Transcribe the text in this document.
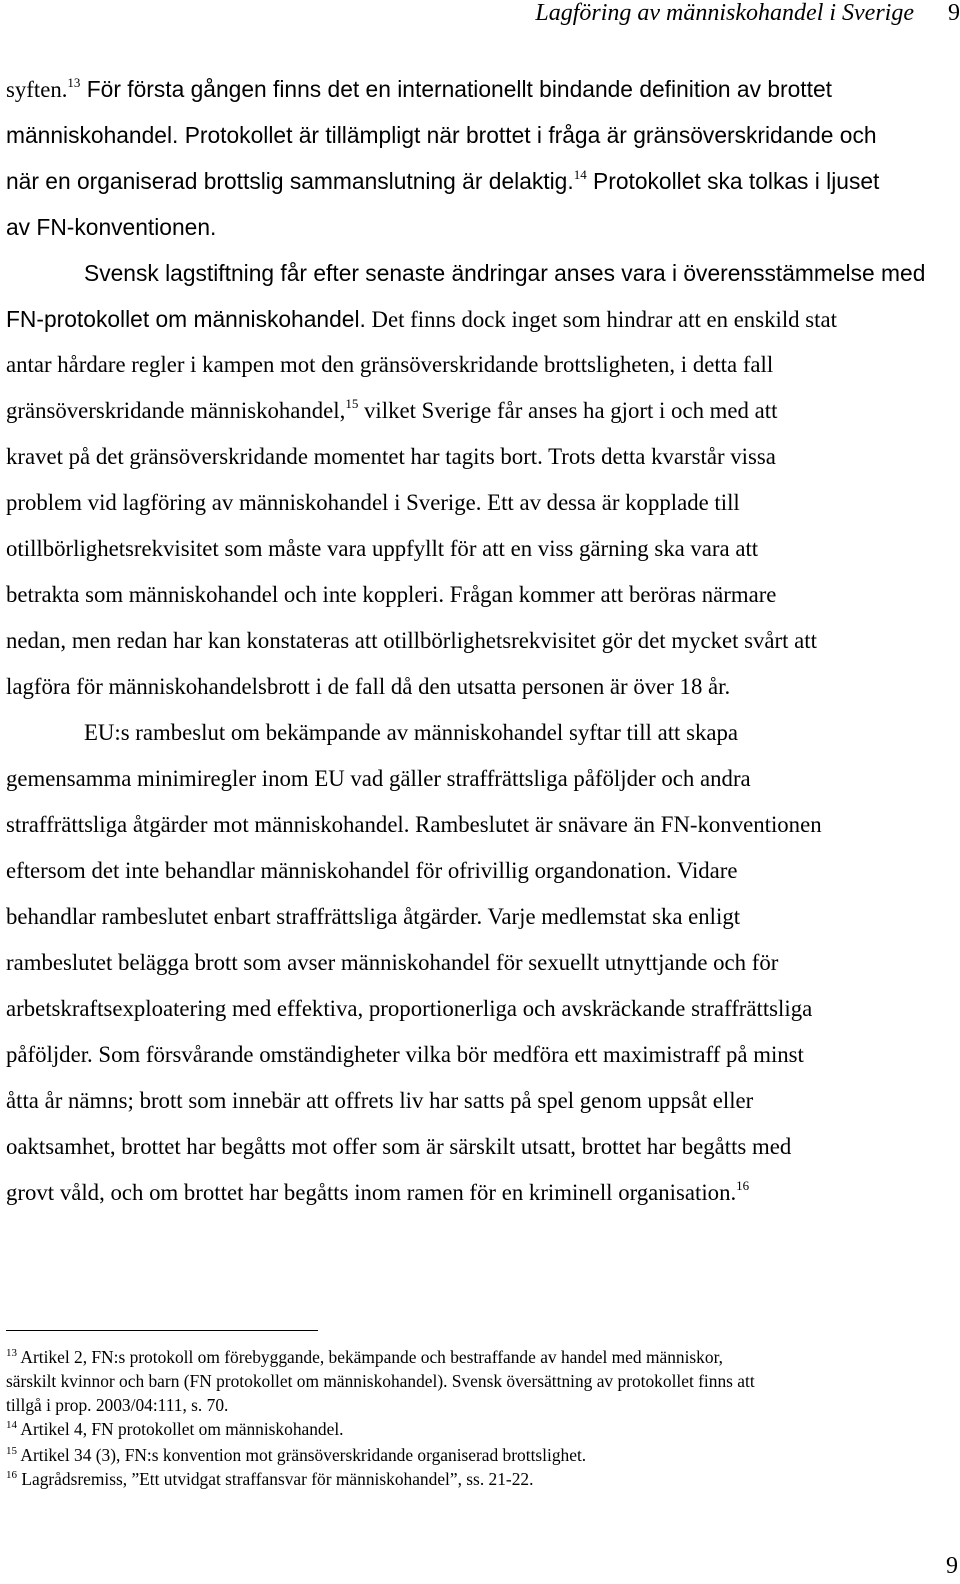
Lagföring av människohandel i Sverige 9
syften.$^{13}$ För första gången finns det en internationellt bindande definition av brottet
människohandel. Protokollet är tillämpligt när brottet i fråga är gränsöverskridande och
när en organiserad brottslig sammanslutning är delaktig.$^{14}$ Protokollet ska tolkas i ljuset
av FN-konventionen.
Svensk lagstiftning får efter senaste ändringar anses vara i överensstämmelse med
FN-protokollet om människohandel. Det finns dock inget som hindrar att en enskild stat
antar hårdare regler i kampen mot den gränsöverskridande brottsligheten, i detta fall
gränsöverskridande människohandel,$^{15}$ vilket Sverige får anses ha gjort i och med att
kravet på det gränsöverskridande momentet har tagits bort. Trots detta kvarstår vissa
problem vid lagföring av människohandel i Sverige. Ett av dessa är kopplade till
otillbörlighetsrekvisitet som måste vara uppfyllt för att en viss gärning ska vara att
betrakta som människohandel och inte koppleri. Frågan kommer att beröras närmare
nedan, men redan har kan konstateras att otillbörlighetsrekvisitet gör det mycket svårt att
lagföra för människohandelsbrott i de fall då den utsatta personen är över 18 år.
EU:s rambeslut om bekämpande av människohandel syftar till att skapa
gemensamma minimiregler inom EU vad gäller straffrättsliga påföljder och andra
straffrättsliga åtgärder mot människohandel. Rambeslutet är snävare än FN-konventionen
eftersom det inte behandlar människohandel för ofrivillig organdonation. Vidare
behandlar rambeslutet enbart straffrättsliga åtgärder. Varje medlemstat ska enligt
rambeslutet belägga brott som avser människohandel för sexuellt utnyttjande och för
arbetskraftsexploatering med effektiva, proportionerliga och avskräckande straffrättsliga
påföljder. Som försvårande omständigheter vilka bör medföra ett maximistraff på minst
åtta år nämns; brott som innebär att offrets liv har satts på spel genom uppsåt eller
oaktsamhet, brottet har begåtts mot offer som är särskilt utsatt, brottet har begåtts med
grovt våld, och om brottet har begåtts inom ramen för en kriminell organisation.$^{16}$
$^{13}$ Artikel 2, FN:s protokoll om förebyggande, bekämpande och bestraffande av handel med människor,
särskilt kvinnor och barn (FN protokollet om människohandel). Svensk översättning av protokollet finns att
tillgå i prop. 2003/04:111, s. 70.
$^{14}$ Artikel 4, FN protokollet om människohandel.
$^{15}$ Artikel 34 (3), FN:s konvention mot gränsöverskridande organiserad brottslighet.
$^{16}$ Lagrådsremiss, ”Ett utvidgat straffansvar för människohandel”, ss. 21-22.
9
